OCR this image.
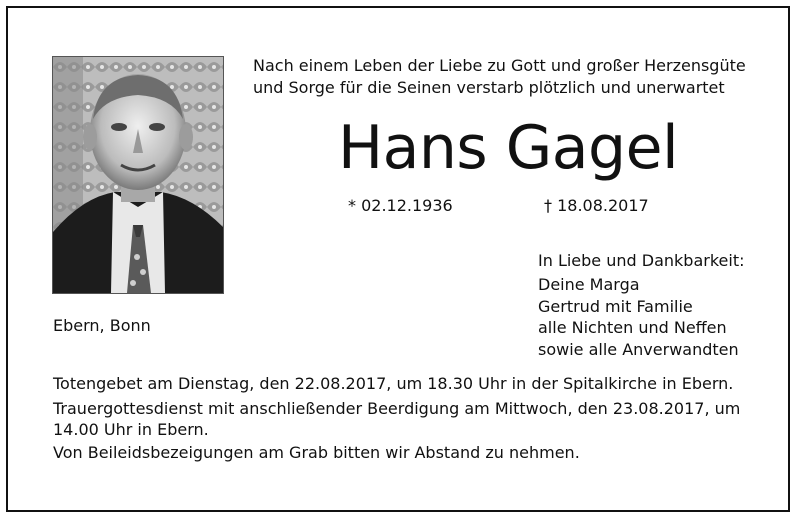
Nach einem Leben der Liebe zu Gott und großer Herzensgüte
und Sorge für die Seinen verstarb plötzlich und unerwartet
Hans Gagel
* 02.12.1936	† 18.08.2017
In Liebe und Dankbarkeit:
Deine Marga
Gertrud mit Familie
alle Nichten und Neffen
sowie alle Anverwandten
Ebern, Bonn
Totengebet am Dienstag, den 22.08.2017, um 18.30 Uhr in der Spitalkirche in Ebern.
Trauergottesdienst mit anschließender Beerdigung am Mittwoch, den 23.08.2017, um
14.00 Uhr in Ebern.
Von Beileidsbezeigungen am Grab bitten wir Abstand zu nehmen.
